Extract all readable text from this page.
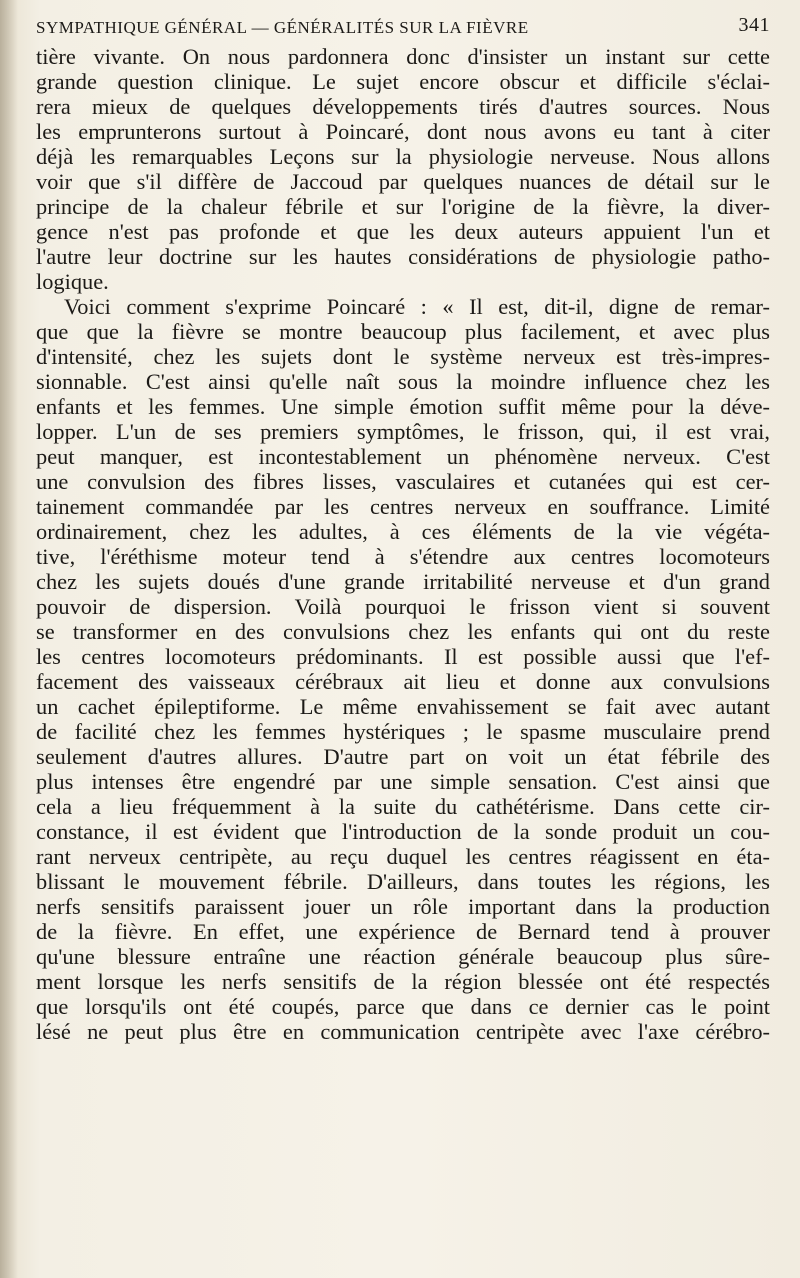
SYMPATHIQUE GÉNÉRAL — GÉNÉRALITÉS SUR LA FIÈVRE	341
tière vivante. On nous pardonnera donc d'insister un instant sur cette
grande question clinique. Le sujet encore obscur et difficile s'éclai-
rera mieux de quelques développements tirés d'autres sources. Nous
les emprunterons surtout à Poincaré, dont nous avons eu tant à citer
déjà les remarquables Leçons sur la physiologie nerveuse. Nous allons
voir que s'il diffère de Jaccoud par quelques nuances de détail sur le
principe de la chaleur fébrile et sur l'origine de la fièvre, la diver-
gence n'est pas profonde et que les deux auteurs appuient l'un et
l'autre leur doctrine sur les hautes considérations de physiologie patho-
logique.
Voici comment s'exprime Poincaré : « Il est, dit-il, digne de remar-
que que la fièvre se montre beaucoup plus facilement, et avec plus
d'intensité, chez les sujets dont le système nerveux est très-impres-
sionnable. C'est ainsi qu'elle naît sous la moindre influence chez les
enfants et les femmes. Une simple émotion suffit même pour la déve-
lopper. L'un de ses premiers symptômes, le frisson, qui, il est vrai,
peut manquer, est incontestablement un phénomène nerveux. C'est
une convulsion des fibres lisses, vasculaires et cutanées qui est cer-
tainement commandée par les centres nerveux en souffrance. Limité
ordinairement, chez les adultes, à ces éléments de la vie végéta-
tive, l'éréthisme moteur tend à s'étendre aux centres locomoteurs
chez les sujets doués d'une grande irritabilité nerveuse et d'un grand
pouvoir de dispersion. Voilà pourquoi le frisson vient si souvent
se transformer en des convulsions chez les enfants qui ont du reste
les centres locomoteurs prédominants. Il est possible aussi que l'ef-
facement des vaisseaux cérébraux ait lieu et donne aux convulsions
un cachet épileptiforme. Le même envahissement se fait avec autant
de facilité chez les femmes hystériques ; le spasme musculaire prend
seulement d'autres allures. D'autre part on voit un état fébrile des
plus intenses être engendré par une simple sensation. C'est ainsi que
cela a lieu fréquemment à la suite du cathétérisme. Dans cette cir-
constance, il est évident que l'introduction de la sonde produit un cou-
rant nerveux centripète, au reçu duquel les centres réagissent en éta-
blissant le mouvement fébrile. D'ailleurs, dans toutes les régions, les
nerfs sensitifs paraissent jouer un rôle important dans la production
de la fièvre. En effet, une expérience de Bernard tend à prouver
qu'une blessure entraîne une réaction générale beaucoup plus sûre-
ment lorsque les nerfs sensitifs de la région blessée ont été respectés
que lorsqu'ils ont été coupés, parce que dans ce dernier cas le point
lésé ne peut plus être en communication centripète avec l'axe cérébro-
